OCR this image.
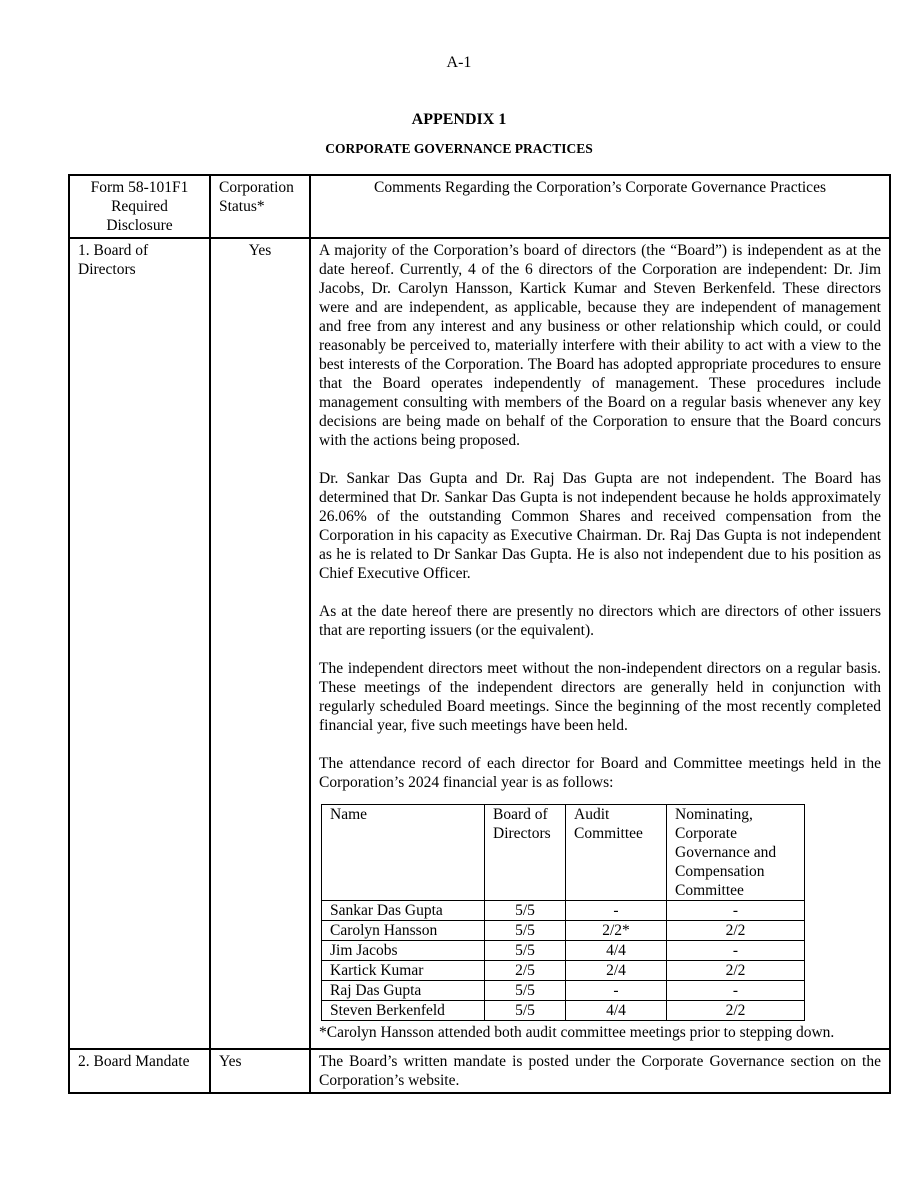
A-1
APPENDIX 1
CORPORATE GOVERNANCE PRACTICES
Form 58-101F1 Required Disclosure	Corporation Status*	Comments Regarding the Corporation’s Corporate Governance Practices
1. Board of Directors	Yes	A majority of the Corporation’s board of directors (the “Board”) is independent as at the date hereof. Currently, 4 of the 6 directors of the Corporation are independent: Dr. Jim Jacobs, Dr. Carolyn Hansson, Kartick Kumar and Steven Berkenfeld. These directors were and are independent, as applicable, because they are independent of management and free from any interest and any business or other relationship which could, or could reasonably be perceived to, materially interfere with their ability to act with a view to the best interests of the Corporation. The Board has adopted appropriate procedures to ensure that the Board operates independently of management. These procedures include management consulting with members of the Board on a regular basis whenever any key decisions are being made on behalf of the Corporation to ensure that the Board concurs with the actions being proposed.

Dr. Sankar Das Gupta and Dr. Raj Das Gupta are not independent. The Board has determined that Dr. Sankar Das Gupta is not independent because he holds approximately 26.06% of the outstanding Common Shares and received compensation from the Corporation in his capacity as Executive Chairman. Dr. Raj Das Gupta is not independent as he is related to Dr Sankar Das Gupta. He is also not independent due to his position as Chief Executive Officer.

As at the date hereof there are presently no directors which are directors of other issuers that are reporting issuers (or the equivalent).

The independent directors meet without the non-independent directors on a regular basis. These meetings of the independent directors are generally held in conjunction with regularly scheduled Board meetings. Since the beginning of the most recently completed financial year, five such meetings have been held.

The attendance record of each director for Board and Committee meetings held in the Corporation’s 2024 financial year is as follows:

Name	Board of Directors	Audit Committee	Nominating, Corporate Governance and Compensation Committee
Sankar Das Gupta	5/5	-	-
Carolyn Hansson	5/5	2/2*	2/2
Jim Jacobs	5/5	4/4	-
Kartick Kumar	2/5	2/4	2/2
Raj Das Gupta	5/5	-	-
Steven Berkenfeld	5/5	4/4	2/2
*Carolyn Hansson attended both audit committee meetings prior to stepping down.

2. Board Mandate	Yes	The Board’s written mandate is posted under the Corporate Governance section on the Corporation’s website.
